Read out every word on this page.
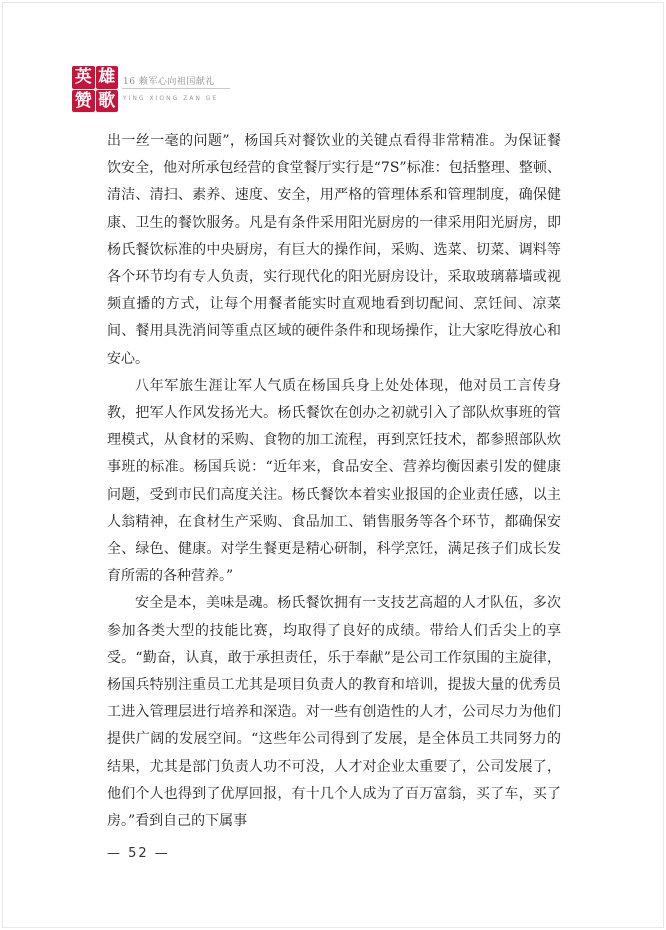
英 雄
赞 歌
16 赖军心向祖国献礼
YING XIONG ZAN GE

出一丝一毫的问题”，杨国兵对餐饮业的关键点看得非常精准。为保证餐饮安全，他对所承包经营的食堂餐厅实行是“7S”标准：包括整理、整顿、清洁、清扫、素养、速度、安全，用严格的管理体系和管理制度，确保健康、卫生的餐饮服务。凡是有条件采用阳光厨房的一律采用阳光厨房，即杨氏餐饮标准的中央厨房，有巨大的操作间，采购、选菜、切菜、调料等各个环节均有专人负责，实行现代化的阳光厨房设计，采取玻璃幕墙或视频直播的方式，让每个用餐者能实时直观地看到切配间、烹饪间、凉菜间、餐用具洗消间等重点区域的硬件条件和现场操作，让大家吃得放心和安心。

八年军旅生涯让军人气质在杨国兵身上处处体现，他对员工言传身教，把军人作风发扬光大。杨氏餐饮在创办之初就引入了部队炊事班的管理模式，从食材的采购、食物的加工流程，再到烹饪技术，都参照部队炊事班的标准。杨国兵说：“近年来，食品安全、营养均衡因素引发的健康问题，受到市民们高度关注。杨氏餐饮本着实业报国的企业责任感，以主人翁精神，在食材生产采购、食品加工、销售服务等各个环节，都确保安全、绿色、健康。对学生餐更是精心研制，科学烹饪，满足孩子们成长发育所需的各种营养。”

安全是本，美味是魂。杨氏餐饮拥有一支技艺高超的人才队伍，多次参加各类大型的技能比赛，均取得了良好的成绩。带给人们舌尖上的享受。“勤奋，认真，敢于承担责任，乐于奉献”是公司工作氛围的主旋律，杨国兵特别注重员工尤其是项目负责人的教育和培训，提拔大量的优秀员工进入管理层进行培养和深造。对一些有创造性的人才，公司尽力为他们提供广阔的发展空间。“这些年公司得到了发展，是全体员工共同努力的结果，尤其是部门负责人功不可没，人才对企业太重要了，公司发展了，他们个人也得到了优厚回报，有十几个人成为了百万富翁，买了车，买了房。”看到自己的下属事

— 52 —
